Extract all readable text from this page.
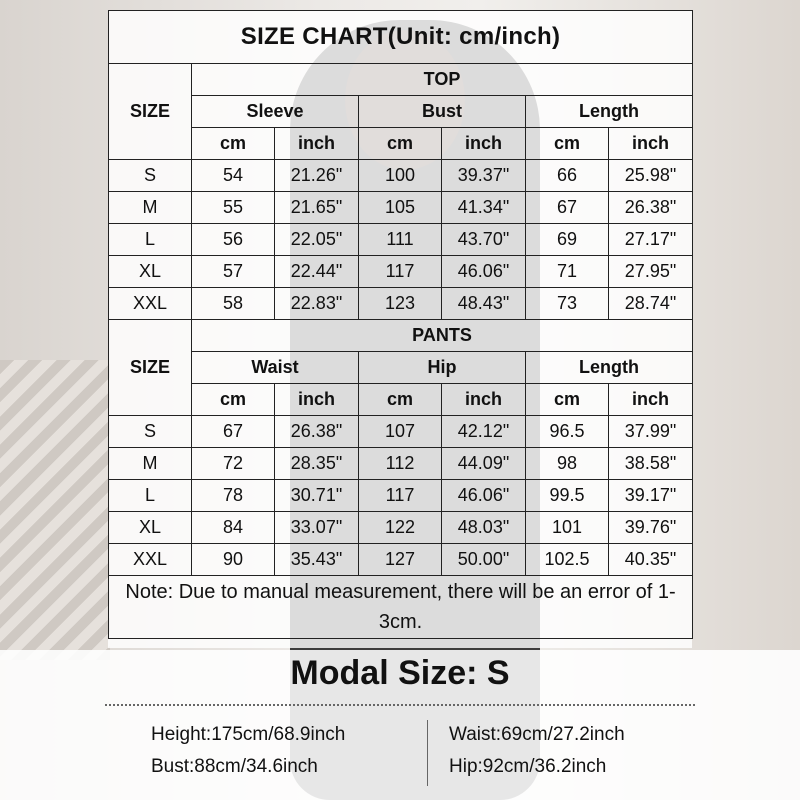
SIZE CHART(Unit: cm/inch)						
SIZE	TOP					
	Sleeve		Bust		Length	
	cm	inch	cm	inch	cm	inch
S	54	21.26"	100	39.37"	66	25.98"
M	55	21.65"	105	41.34"	67	26.38"
L	56	22.05"	111	43.70"	69	27.17"
XL	57	22.44"	117	46.06"	71	27.95"
XXL	58	22.83"	123	48.43"	73	28.74"
SIZE	PANTS					
	Waist		Hip		Length	
	cm	inch	cm	inch	cm	inch
S	67	26.38"	107	42.12"	96.5	37.99"
M	72	28.35"	112	44.09"	98	38.58"
L	78	30.71"	117	46.06"	99.5	39.17"
XL	84	33.07"	122	48.03"	101	39.76"
XXL	90	35.43"	127	50.00"	102.5	40.35"
Note: Due to manual measurement, there will be an error of 1-3cm.						
Modal Size: S
Height:175cm/68.9inch
Bust:88cm/34.6inch
Waist:69cm/27.2inch
Hip:92cm/36.2inch
